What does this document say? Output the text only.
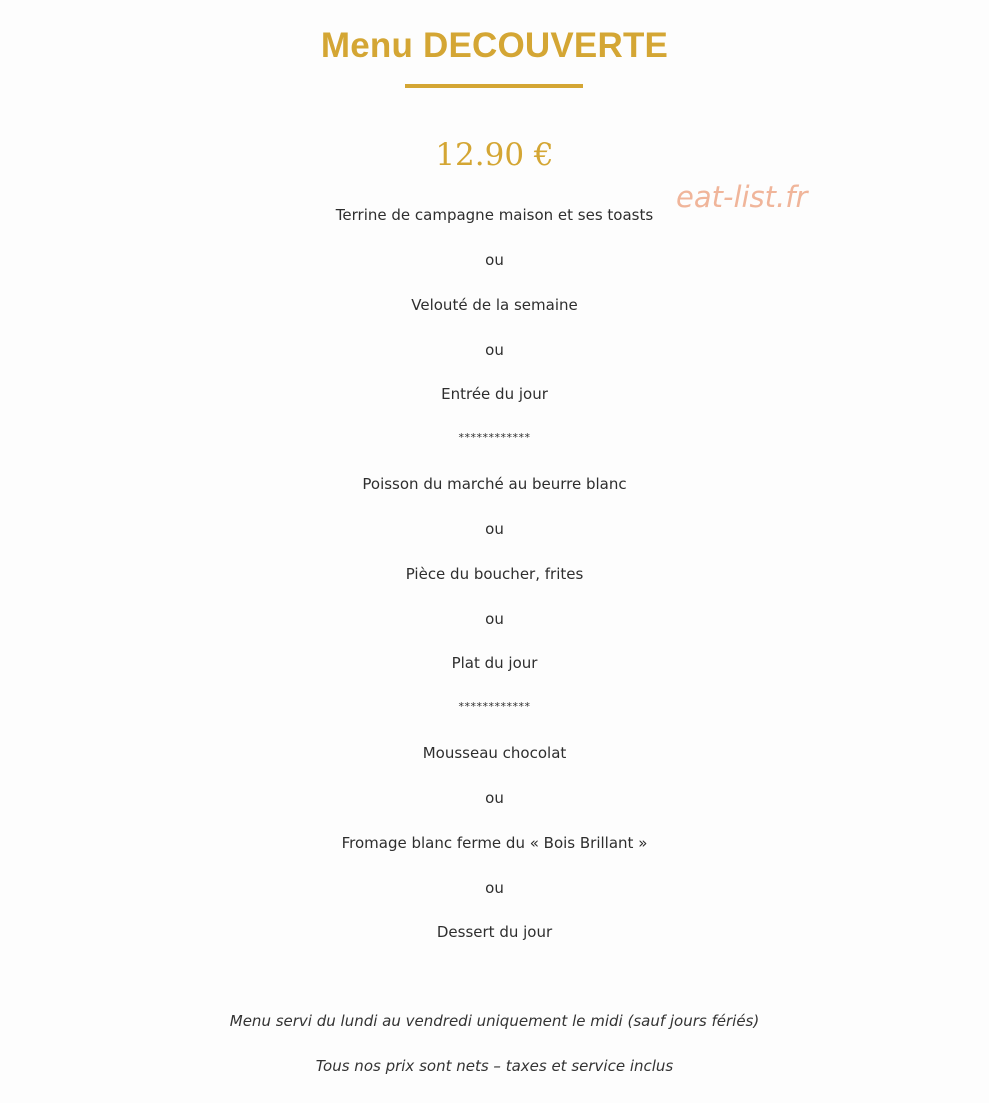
Menu DECOUVERTE
12.90 €
eat-list.fr
Terrine de campagne maison et ses toasts
ou
Velouté de la semaine
ou
Entrée du jour
************
Poisson du marché au beurre blanc
ou
Pièce du boucher, frites
ou
Plat du jour
************
Mousseau chocolat
ou
Fromage blanc ferme du « Bois Brillant »
ou
Dessert du jour
Menu servi du lundi au vendredi uniquement le midi (sauf jours fériés)
Tous nos prix sont nets – taxes et service inclus
